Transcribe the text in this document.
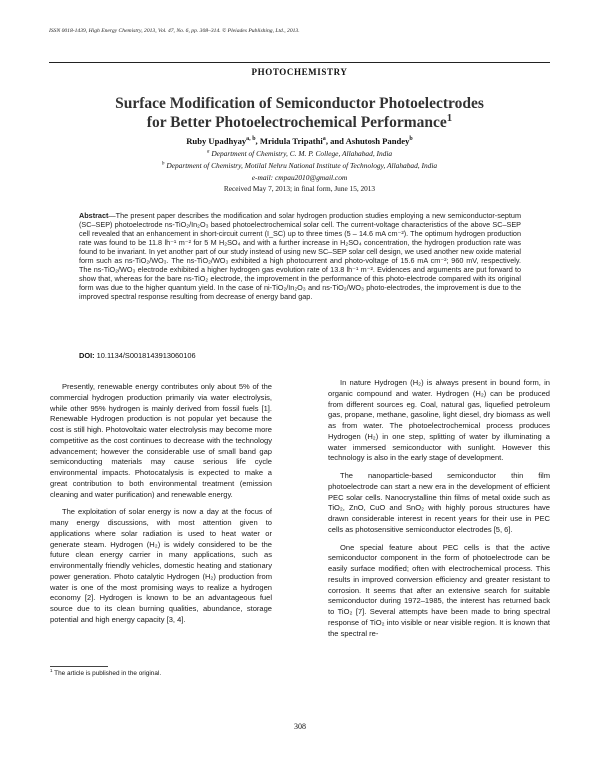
ISSN 0018-1439, High Energy Chemistry, 2013, Vol. 47, No. 6, pp. 308–314. © Pleiades Publishing, Ltd., 2013.
PHOTOCHEMISTRY
Surface Modification of Semiconductor Photoelectrodes
for Better Photoelectrochemical Performance$^1$
Ruby Upadhyay$^{a, b}$, Mridula Tripathi$^a$, and Ashutosh Pandey$^b$
$^a$ Department of Chemistry, C. M. P. College, Allahabad, India
$^b$ Department of Chemistry, Motilal Nehru National Institute of Technology, Allahabad, India
e-mail: cmpau2010@gmail.com
Received May 7, 2013; in final form, June 15, 2013
Abstract—The present paper describes the modification and solar hydrogen production studies employing a new semiconductor-septum (SC–SEP) photoelectrode ns-TiO₂/In₂O₃ based photoelectrochemical solar cell. The current-voltage characteristics of the above SC–SEP cell revealed that an enhancement in short-circuit current (I_SC) up to three times (5 – 14.6 mA cm⁻²). The optimum hydrogen production rate was found to be 11.8 lh⁻¹ m⁻² for 5 M H₂SO₄ and with a further increase in H₂SO₄ concentration, the hydrogen production rate was found to be invariant. In yet another part of our study instead of using new SC–SEP solar cell design, we used another new oxide material form such as ns-TiO₂/WO₃. The ns-TiO₂/WO₃ exhibited a high photocurrent and photo-voltage of 15.6 mA cm⁻²; 960 mV, respectively. The ns-TiO₂/WO₃ electrode exhibited a higher hydrogen gas evolution rate of 13.8 lh⁻¹ m⁻². Evidences and arguments are put forward to show that, whereas for the bare ns-TiO₂ electrode, the improvement in the performance of this photo-electrode compared with its original form was due to the higher quantum yield. In the case of ni-TiO₂/In₂O₃ and ns-TiO₂/WO₃ photo-electrodes, the improvement is due to the improved spectral response resulting from decrease of energy band gap.
DOI: 10.1134/S0018143913060106

Presently, renewable energy contributes only about 5% of the commercial hydrogen production primarily via water electrolysis, while other 95% hydrogen is mainly derived from fossil fuels [1]. Renewable Hydrogen production is not popular yet because the cost is still high. Photovoltaic water electrolysis may become more competitive as the cost continues to decrease with the technology advancement; however the considerable use of small band gap semiconducting materials may cause serious life cycle environmental impacts. Photocatalysis is expected to make a great contribution to both environmental treatment (emission cleaning and water purification) and renewable energy.

The exploitation of solar energy is now a day at the focus of many energy discussions, with most attention given to applications where solar radiation is used to heat water or generate steam. Hydrogen (H₂) is widely considered to be the future clean energy carrier in many applications, such as environmentally friendly vehicles, domestic heating and stationary power generation. Photo catalytic Hydrogen (H₂) production from water is one of the most promising ways to realize a hydrogen economy [2]. Hydrogen is known to be an advantageous fuel source due to its clean burning qualities, abundance, storage potential and high energy capacity [3, 4].

In nature Hydrogen (H₂) is always present in bound form, in organic compound and water. Hydrogen (H₂) can be produced from different sources eg. Coal, natural gas, liquefied petroleum gas, propane, methane, gasoline, light diesel, dry biomass as well as from water. The photoelectrochemical process produces Hydrogen (H₂) in one step, splitting of water by illuminating a water immersed semiconductor with sunlight. However this technology is also in the early stage of development.

The nanoparticle-based semiconductor thin film photoelectrode can start a new era in the development of efficient PEC solar cells. Nanocrystalline thin films of metal oxide such as TiO₂, ZnO, CuO and SnO₂ with highly porous structures have drawn considerable interest in recent years for their use in PEC cells as photosensitive semiconductor electrodes [5, 6].

One special feature about PEC cells is that the active semiconductor component in the form of photoelectrode can be easily surface modified; often with electrochemical process. This results in improved conversion efficiency and greater resistant to corrosion. It seems that after an extensive search for suitable semiconductor during 1972–1985, the interest has returned back to TiO₂ [7]. Several attempts have been made to bring spectral response of TiO₂ into visible or near visible region. It is known that the spectral re-

$^1$ The article is published in the original.
308
